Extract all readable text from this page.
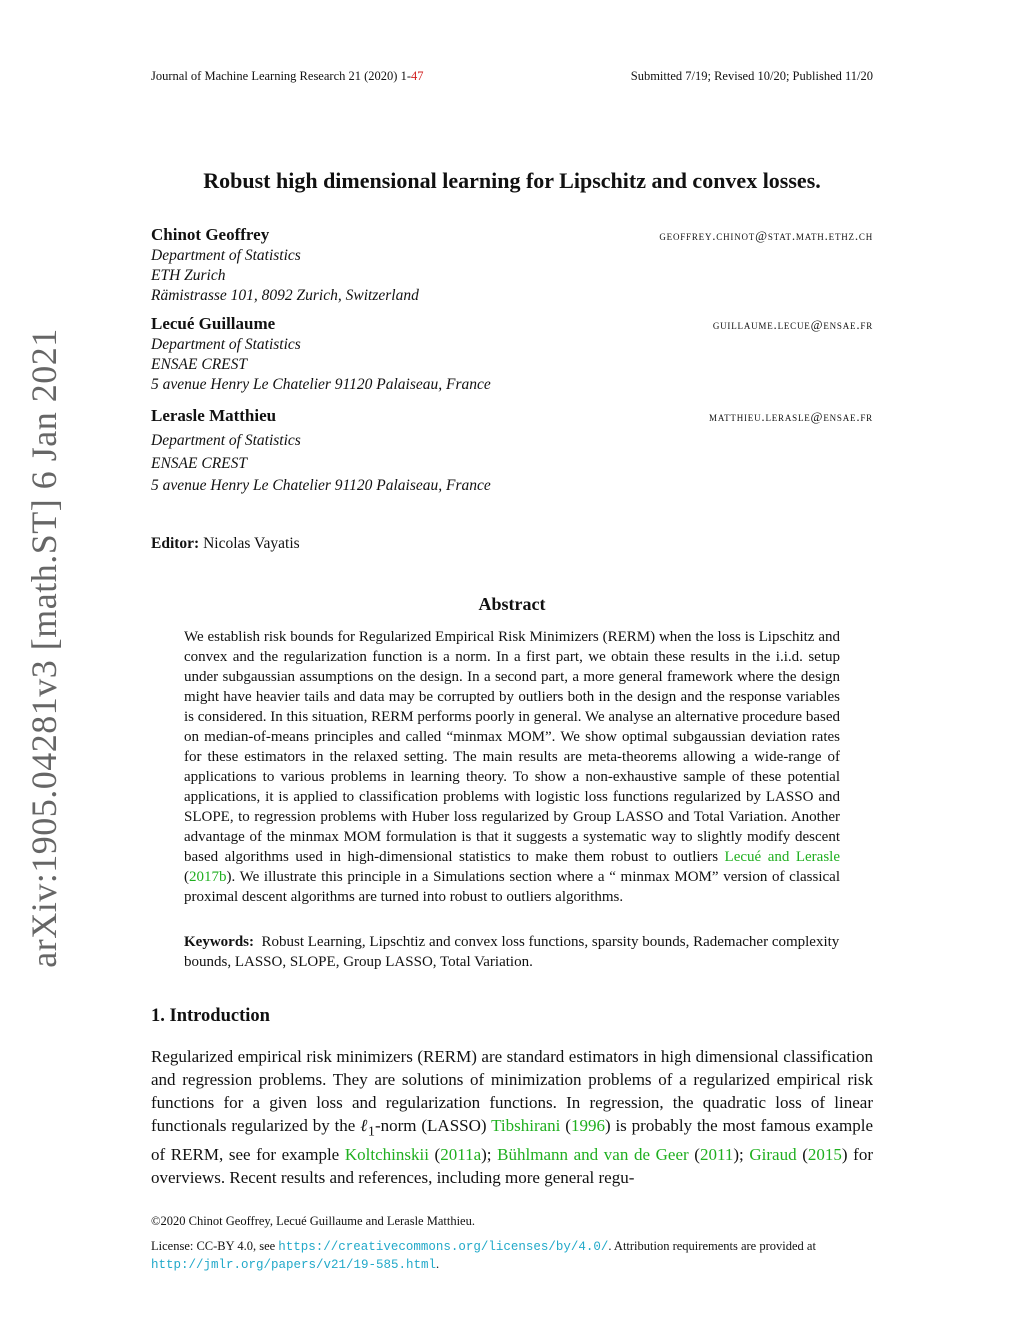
Journal of Machine Learning Research 21 (2020) 1-47	Submitted 7/19; Revised 10/20; Published 11/20
arXiv:1905.04281v3 [math.ST] 6 Jan 2021
Robust high dimensional learning for Lipschitz and convex losses.
Chinot Geoffrey	geoffrey.chinot@stat.math.ethz.ch
Department of Statistics
ETH Zurich
Rämistrasse 101, 8092 Zurich, Switzerland
Lecué Guillaume	guillaume.lecue@ensae.fr
Department of Statistics
ENSAE CREST
5 avenue Henry Le Chatelier 91120 Palaiseau, France
Lerasle Matthieu	matthieu.lerasle@ensae.fr
Department of Statistics
ENSAE CREST
5 avenue Henry Le Chatelier 91120 Palaiseau, France
Editor: Nicolas Vayatis
Abstract
We establish risk bounds for Regularized Empirical Risk Minimizers (RERM) when the loss is Lipschitz and convex and the regularization function is a norm. In a first part, we obtain these results in the i.i.d. setup under subgaussian assumptions on the design. In a second part, a more general framework where the design might have heavier tails and data may be corrupted by outliers both in the design and the response variables is considered. In this situation, RERM performs poorly in general. We analyse an alternative procedure based on median-of-means principles and called “minmax MOM”. We show optimal subgaussian deviation rates for these estimators in the relaxed setting. The main results are meta-theorems allowing a wide-range of applications to various problems in learning theory. To show a non-exhaustive sample of these potential applications, it is applied to classification problems with logistic loss functions regularized by LASSO and SLOPE, to regression problems with Huber loss regularized by Group LASSO and Total Variation. Another advantage of the minmax MOM formulation is that it suggests a systematic way to slightly modify descent based algorithms used in high-dimensional statistics to make them robust to outliers Lecué and Lerasle (2017b). We illustrate this principle in a Simulations section where a “ minmax MOM” version of classical proximal descent algorithms are turned into robust to outliers algorithms.
Keywords: Robust Learning, Lipschtiz and convex loss functions, sparsity bounds, Rademacher complexity bounds, LASSO, SLOPE, Group LASSO, Total Variation.
1. Introduction
Regularized empirical risk minimizers (RERM) are standard estimators in high dimensional classification and regression problems. They are solutions of minimization problems of a regularized empirical risk functions for a given loss and regularization functions. In regression, the quadratic loss of linear functionals regularized by the ℓ$_1$-norm (LASSO) Tibshirani (1996) is probably the most famous example of RERM, see for example Koltchinskii (2011a); Bühlmann and van de Geer (2011); Giraud (2015) for overviews. Recent results and references, including more general regu-
©2020 Chinot Geoffrey, Lecué Guillaume and Lerasle Matthieu.
License: CC-BY 4.0, see https://creativecommons.org/licenses/by/4.0/. Attribution requirements are provided at
http://jmlr.org/papers/v21/19-585.html.
